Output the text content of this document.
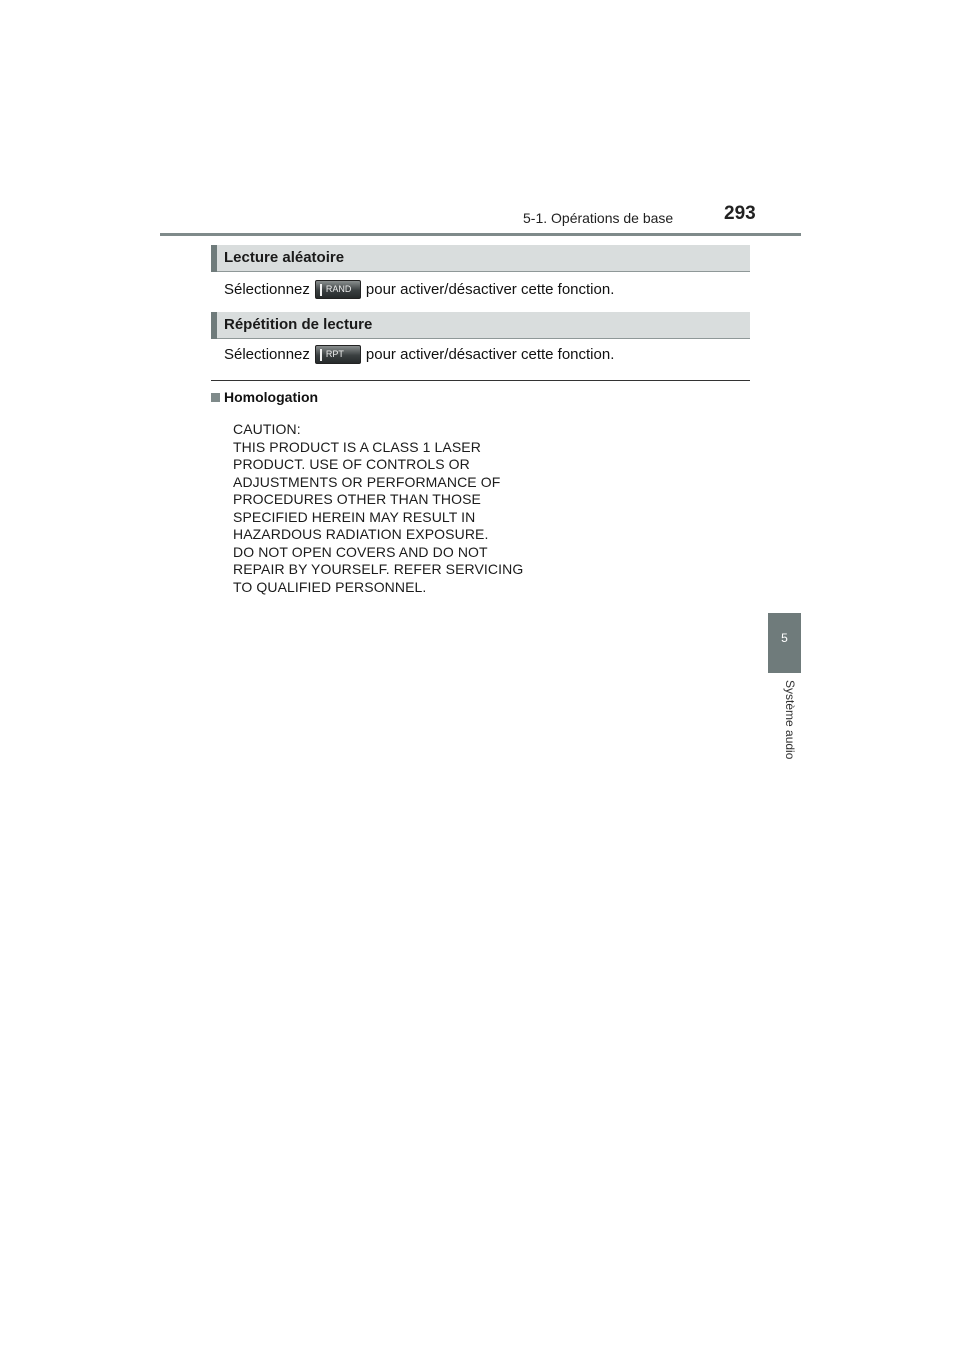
5-1. Opérations de base	293
5
Système audio
Lecture aléatoire
Sélectionnez RAND pour activer/désactiver cette fonction.
Répétition de lecture
Sélectionnez RPT pour activer/désactiver cette fonction.
Homologation
CAUTION:
THIS PRODUCT IS A CLASS 1 LASER
PRODUCT. USE OF CONTROLS OR
ADJUSTMENTS OR PERFORMANCE OF
PROCEDURES OTHER THAN THOSE
SPECIFIED HEREIN MAY RESULT IN
HAZARDOUS RADIATION EXPOSURE.
DO NOT OPEN COVERS AND DO NOT
REPAIR BY YOURSELF. REFER SERVICING
TO QUALIFIED PERSONNEL.
